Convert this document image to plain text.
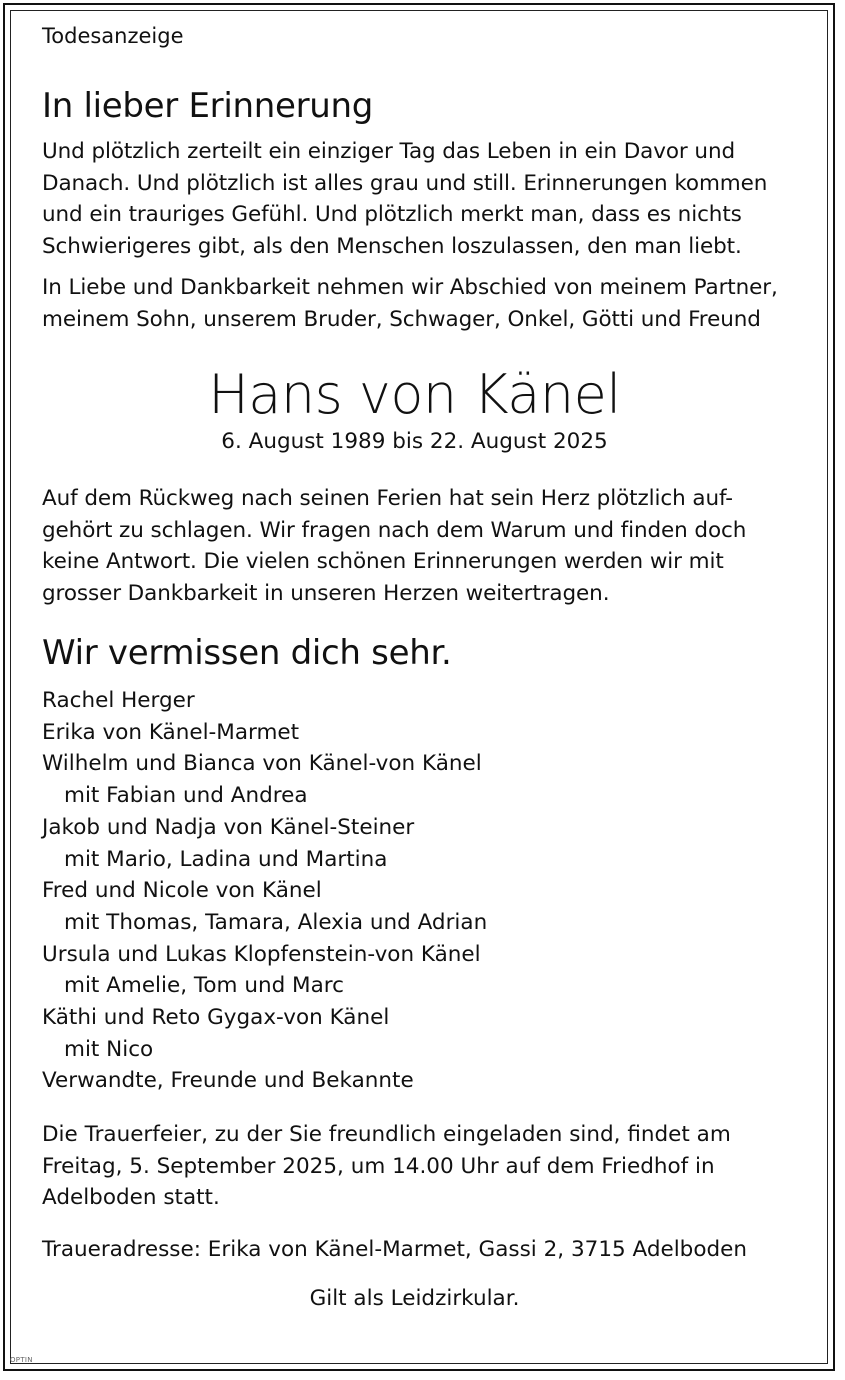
Todesanzeige

In lieber Erinnerung

Und plötzlich zerteilt ein einziger Tag das Leben in ein Davor und Danach. Und plötzlich ist alles grau und still. Erinnerungen kommen und ein trauriges Gefühl. Und plötzlich merkt man, dass es nichts Schwierigeres gibt, als den Menschen loszulassen, den man liebt.

In Liebe und Dankbarkeit nehmen wir Abschied von meinem Partner, meinem Sohn, unserem Bruder, Schwager, Onkel, Götti und Freund

Hans von Känel
6. August 1989 bis 22. August 2025

Auf dem Rückweg nach seinen Ferien hat sein Herz plötzlich auf-gehört zu schlagen. Wir fragen nach dem Warum und finden doch keine Antwort. Die vielen schönen Erinnerungen werden wir mit grosser Dankbarkeit in unseren Herzen weitertragen.

Wir vermissen dich sehr.
Rachel Herger
Erika von Känel-Marmet
Wilhelm und Bianca von Känel-von Känel
mit Fabian und Andrea
Jakob und Nadja von Känel-Steiner
mit Mario, Ladina und Martina
Fred und Nicole von Känel
mit Thomas, Tamara, Alexia und Adrian
Ursula und Lukas Klopfenstein-von Känel
mit Amelie, Tom und Marc
Käthi und Reto Gygax-von Känel
mit Nico
Verwandte, Freunde und Bekannte

Die Trauerfeier, zu der Sie freundlich eingeladen sind, findet am Freitag, 5. September 2025, um 14.00 Uhr auf dem Friedhof in Adelboden statt.

Traueradresse: Erika von Känel-Marmet, Gassi 2, 3715 Adelboden

Gilt als Leidzirkular.

OPTIN
